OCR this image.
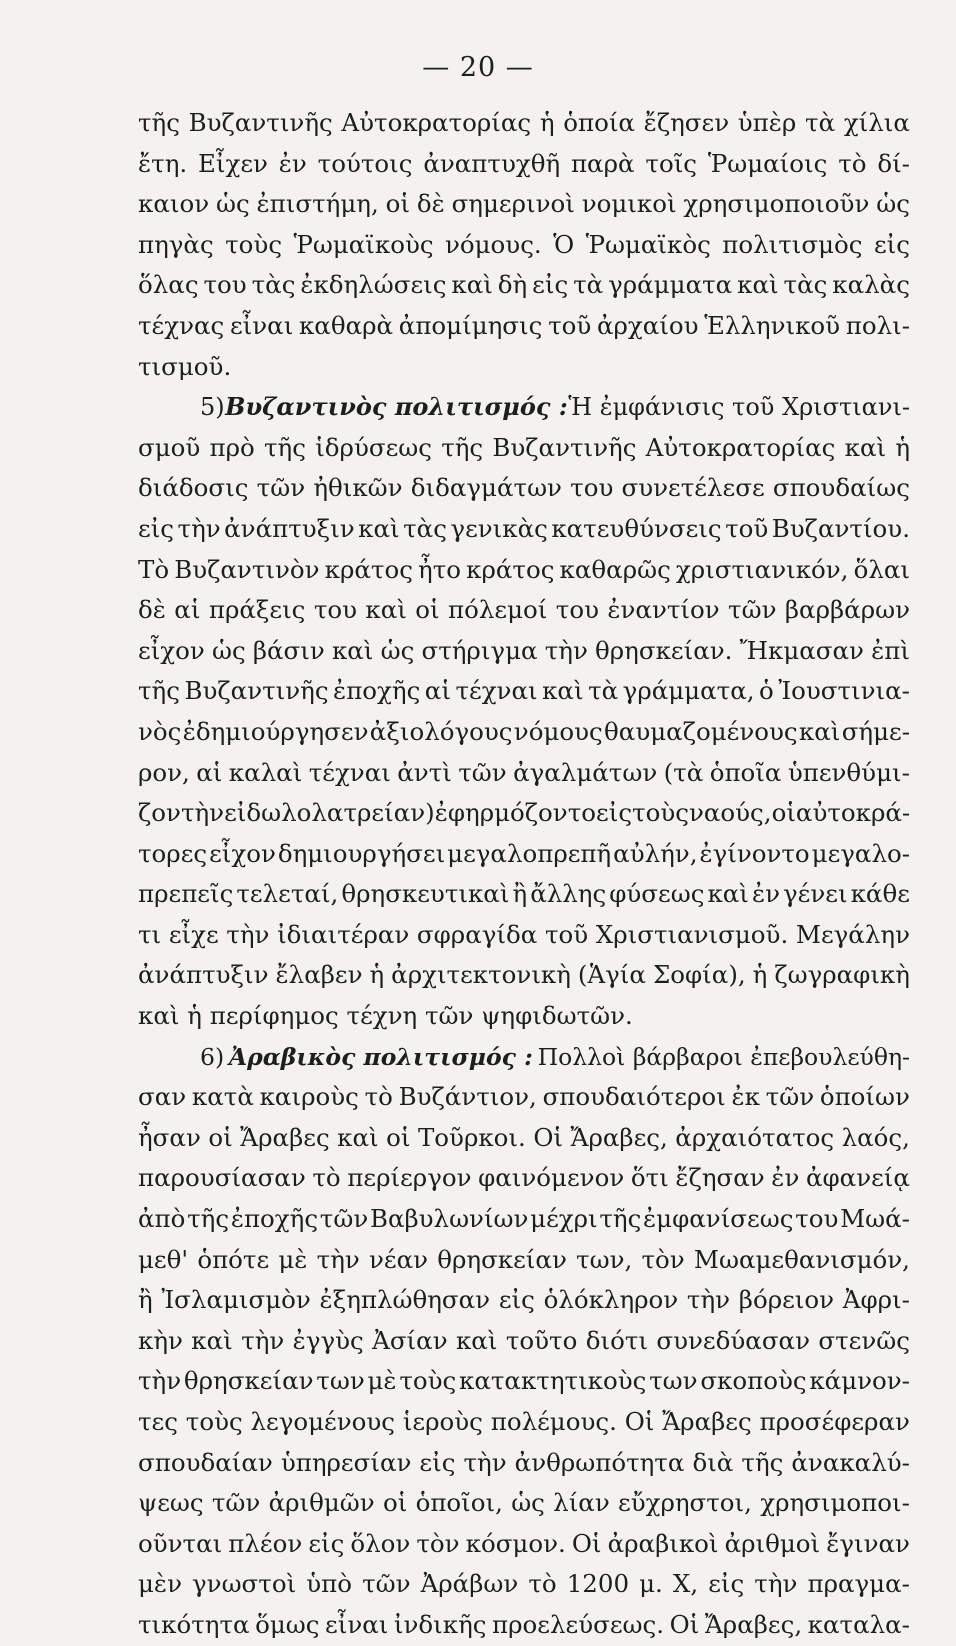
— 20 —
τῆς Βυζαντινῆς Αὐτοκρατορίας ἡ ὁποία ἔζησεν ὑπὲρ τὰ χίλια
ἔτη. Εἶχεν ἐν τούτοις ἀναπτυχθῆ παρὰ τοῖς Ῥωμαίοις τὸ δί-
καιον ὡς ἐπιστήμη, οἱ δὲ σημερινοὶ νομικοὶ χρησιμοποιοῦν ὡς
πηγὰς τοὺς Ῥωμαϊκοὺς νόμους. Ὁ Ῥωμαϊκὸς πολιτισμὸς εἰς
ὅλας του τὰς ἐκδηλώσεις καὶ δὴ εἰς τὰ γράμματα καὶ τὰς καλὰς
τέχνας εἶναι καθαρὰ ἀπομίμησις τοῦ ἀρχαίου Ἑλληνικοῦ πολι-
τισμοῦ.
5) Βυζαντινὸς πολιτισμός : Ἡ ἐμφάνισις τοῦ Χριστιανι-
σμοῦ πρὸ τῆς ἱδρύσεως τῆς Βυζαντινῆς Αὐτοκρατορίας καὶ ἡ
διάδοσις τῶν ἠθικῶν διδαγμάτων του συνετέλεσε σπουδαίως
εἰς τὴν ἀνάπτυξιν καὶ τὰς γενικὰς κατευθύνσεις τοῦ Βυζαντίου.
Τὸ Βυζαντινὸν κράτος ἦτο κράτος καθαρῶς χριστιανικόν, ὅλαι
δὲ αἱ πράξεις του καὶ οἱ πόλεμοί του ἐναντίον τῶν βαρβάρων
εἶχον ὡς βάσιν καὶ ὡς στήριγμα τὴν θρησκείαν. Ἤκμασαν ἐπὶ
τῆς Βυζαντινῆς ἐποχῆς αἱ τέχναι καὶ τὰ γράμματα, ὁ Ἰουστινια-
νὸς ἐδημιούργησεν ἀξιολόγους νόμους θαυμαζομένους καὶ σήμε-
ρον, αἱ καλαὶ τέχναι ἀντὶ τῶν ἀγαλμάτων (τὰ ὁποῖα ὑπενθύμι-
ζον τὴν εἰδωλολατρείαν) ἐφηρμόζοντο εἰς τοὺς ναούς, οἱ αὐτοκρά-
τορες εἶχον δημιουργήσει μεγαλοπρεπῆ αὐλήν, ἐγίνοντο μεγαλο-
πρεπεῖς τελεταί, θρησκευτικαὶ ἢ ἄλλης φύσεως καὶ ἐν γένει κάθε
τι εἶχε τὴν ἰδιαιτέραν σφραγίδα τοῦ Χριστιανισμοῦ. Μεγάλην
ἀνάπτυξιν ἔλαβεν ἡ ἀρχιτεκτονικὴ (Ἁγία Σοφία), ἡ ζωγραφικὴ
καὶ ἡ περίφημος τέχνη τῶν ψηφιδωτῶν.
6) Ἀραβικὸς πολιτισμός : Πολλοὶ βάρβαροι ἐπεβουλεύθη-
σαν κατὰ καιροὺς τὸ Βυζάντιον, σπουδαιότεροι ἐκ τῶν ὁποίων
ἦσαν οἱ Ἄραβες καὶ οἱ Τοῦρκοι. Οἱ Ἄραβες, ἀρχαιότατος λαός,
παρουσίασαν τὸ περίεργον φαινόμενον ὅτι ἔζησαν ἐν ἀφανείᾳ
ἀπὸ τῆς ἐποχῆς τῶν Βαβυλωνίων μέχρι τῆς ἐμφανίσεως του Μωά-
μεθ' ὁπότε μὲ τὴν νέαν θρησκείαν των, τὸν Μωαμεθανισμόν,
ἢ Ἰσλαμισμὸν ἐξηπλώθησαν εἰς ὁλόκληρον τὴν βόρειον Ἀφρι-
κὴν καὶ τὴν ἐγγὺς Ἀσίαν καὶ τοῦτο διότι συνεδύασαν στενῶς
τὴν θρησκείαν των μὲ τοὺς κατακτητικοὺς των σκοποὺς κάμνον-
τες τοὺς λεγομένους ἱεροὺς πολέμους. Οἱ Ἄραβες προσέφεραν
σπουδαίαν ὑπηρεσίαν εἰς τὴν ἀνθρωπότητα διὰ τῆς ἀνακαλύ-
ψεως τῶν ἀριθμῶν οἱ ὁποῖοι, ὡς λίαν εὔχρηστοι, χρησιμοποι-
οῦνται πλέον εἰς ὅλον τὸν κόσμον. Οἱ ἀραβικοὶ ἀριθμοὶ ἔγιναν
μὲν γνωστοὶ ὑπὸ τῶν Ἀράβων τὸ 1200 μ. Χ, εἰς τὴν πραγμα-
τικότητα ὅμως εἶναι ἰνδικῆς προελεύσεως. Οἱ Ἄραβες, καταλα-
